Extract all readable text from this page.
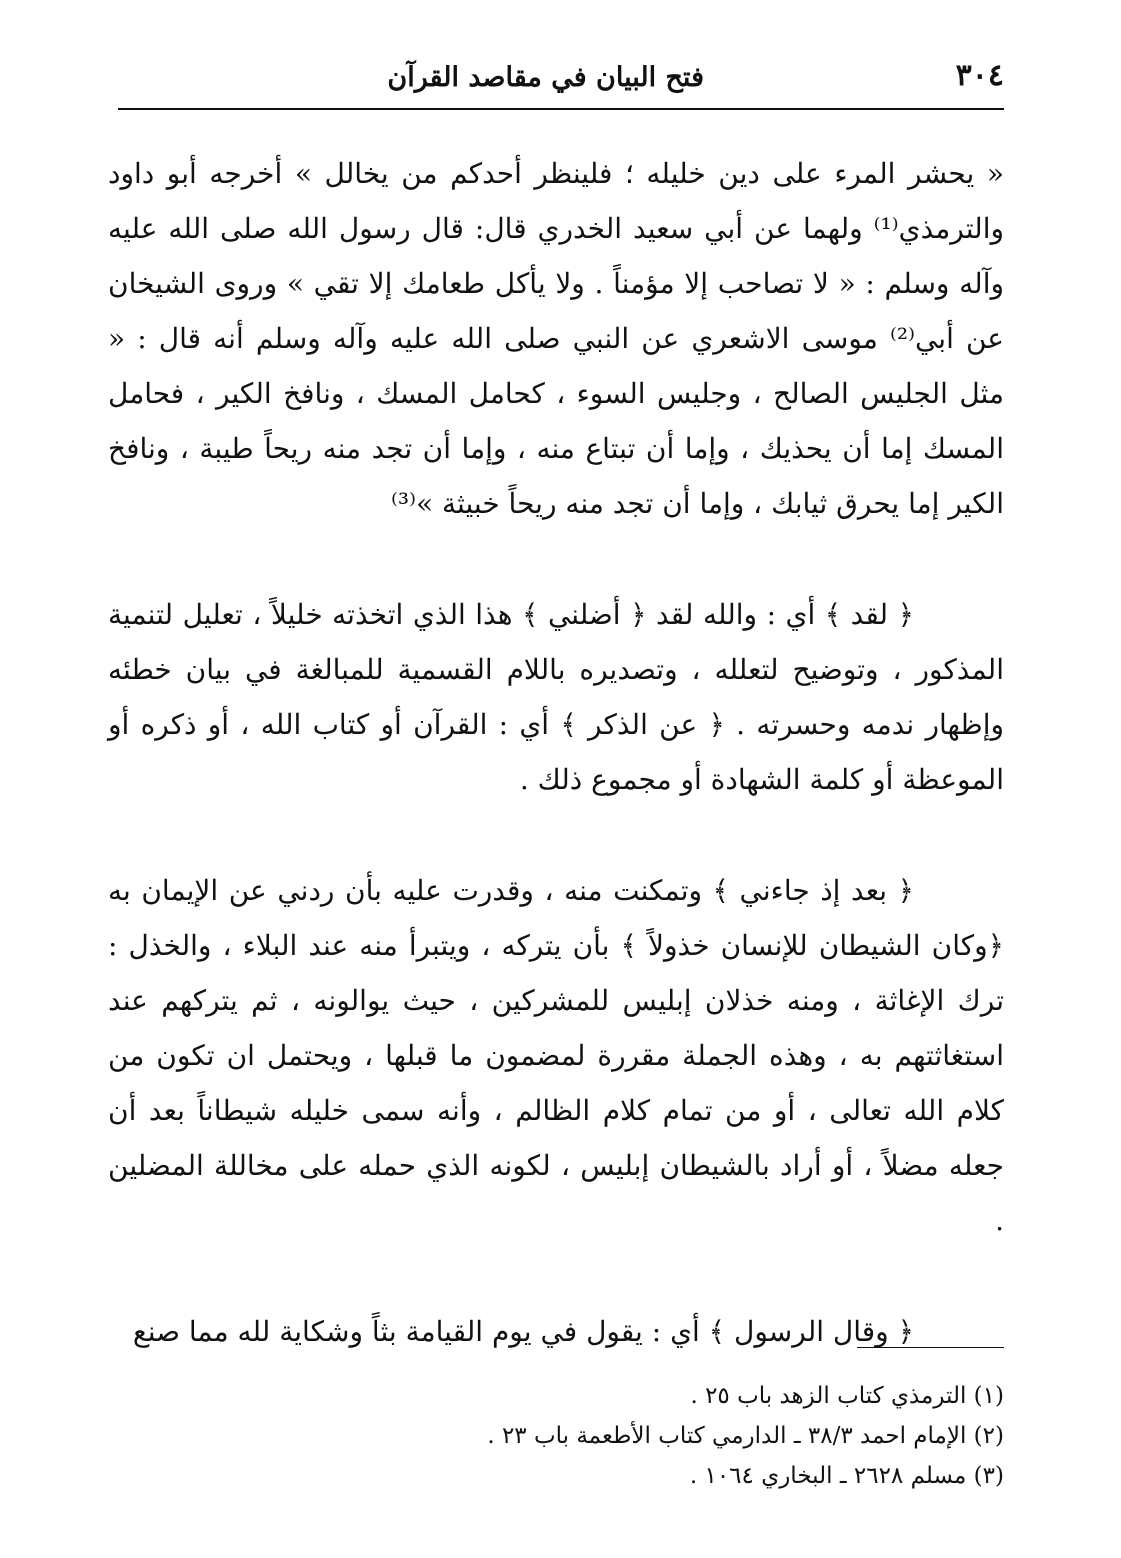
٣٠٤
فتح البيان في مقاصد القرآن

« يحشر المرء على دين خليله ؛ فلينظر أحدكم من يخالل » أخرجه أبو داود والترمذي⁽¹⁾ ولهما عن أبي سعيد الخدري قال: قال رسول الله صلى الله عليه وآله وسلم : « لا تصاحب إلا مؤمناً . ولا يأكل طعامك إلا تقي » وروى الشيخان عن أبي⁽²⁾ موسى الاشعري عن النبي صلى الله عليه وآله وسلم أنه قال : « مثل الجليس الصالح ، وجليس السوء ، كحامل المسك ، ونافخ الكير ، فحامل المسك إما أن يحذيك ، وإما أن تبتاع منه ، وإما أن تجد منه ريحاً طيبة ، ونافخ الكير إما يحرق ثيابك ، وإما أن تجد منه ريحاً خبيثة »⁽³⁾

﴿ لقد ﴾ أي : والله لقد ﴿ أضلني ﴾ هذا الذي اتخذته خليلاً ، تعليل لتنمية المذكور ، وتوضيح لتعلله ، وتصديره باللام القسمية للمبالغة في بيان خطئه وإظهار ندمه وحسرته . ﴿ عن الذكر ﴾ أي : القرآن أو كتاب الله ، أو ذكره أو الموعظة أو كلمة الشهادة أو مجموع ذلك .

﴿ بعد إذ جاءني ﴾ وتمكنت منه ، وقدرت عليه بأن ردني عن الإيمان به ﴿وكان الشيطان للإنسان خذولاً ﴾ بأن يتركه ، ويتبرأ منه عند البلاء ، والخذل : ترك الإغاثة ، ومنه خذلان إبليس للمشركين ، حيث يوالونه ، ثم يتركهم عند استغاثتهم به ، وهذه الجملة مقررة لمضمون ما قبلها ، ويحتمل ان تكون من كلام الله تعالى ، أو من تمام كلام الظالم ، وأنه سمى خليله شيطاناً بعد أن جعله مضلاً ، أو أراد بالشيطان إبليس ، لكونه الذي حمله على مخاللة المضلين .

﴿ وقال الرسول ﴾ أي : يقول في يوم القيامة بثاً وشكاية لله مما صنع

(١) الترمذي كتاب الزهد باب ٢٥ .
(٢) الإمام احمد ٣٨/٣ ـ الدارمي كتاب الأطعمة باب ٢٣ .
(٣) مسلم ٢٦٢٨ ـ البخاري ١٠٦٤ .
